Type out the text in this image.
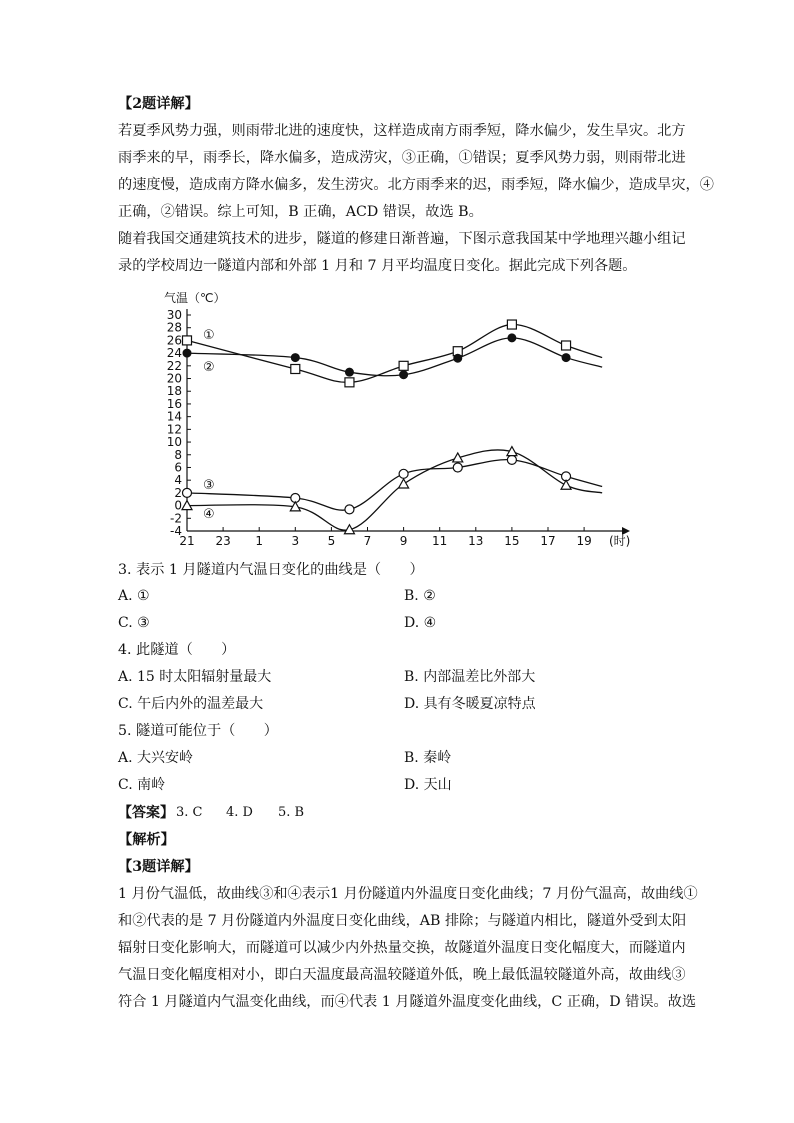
【2题详解】
若夏季风势力强，则雨带北进的速度快，这样造成南方雨季短，降水偏少，发生旱灾。北方
雨季来的早，雨季长，降水偏多，造成涝灾，③正确，①错误；夏季风势力弱，则雨带北进
的速度慢，造成南方降水偏多，发生涝灾。北方雨季来的迟，雨季短，降水偏少，造成旱灾，④
正确，②错误。综上可知，B 正确，ACD 错误，故选 B。
随着我国交通建筑技术的进步，隧道的修建日渐普遍，下图示意我国某中学地理兴趣小组记
录的学校周边一隧道内部和外部 1 月和 7 月平均温度日变化。据此完成下列各题。
气温（℃）
(时)
30
28
26
24
22
20
18
16
14
12
10
8
6
4
2
0
-2
-4
21 23 1 3 5 7 9 11 13 15 17 19
①
②
③
④
3. 表示 1 月隧道内气温日变化的曲线是（　　）
A. ①	B. ②
C. ③	D. ④
4. 此隧道（　　）
A. 15 时太阳辐射量最大	B. 内部温差比外部大
C. 午后内外的温差最大	D. 具有冬暖夏凉特点
5. 隧道可能位于（　　）
A. 大兴安岭	B. 秦岭
C. 南岭	D. 天山
【答案】 3. C 4. D 5. B
【解析】
【3题详解】
1 月份气温低，故曲线③和④表示1 月份隧道内外温度日变化曲线；7 月份气温高，故曲线①
和②代表的是 7 月份隧道内外温度日变化曲线，AB 排除；与隧道内相比，隧道外受到太阳
辐射日变化影响大，而隧道可以减少内外热量交换，故隧道外温度日变化幅度大，而隧道内
气温日变化幅度相对小，即白天温度最高温较隧道外低，晚上最低温较隧道外高，故曲线③
符合 1 月隧道内气温变化曲线，而④代表 1 月隧道外温度变化曲线，C 正确，D 错误。故选
